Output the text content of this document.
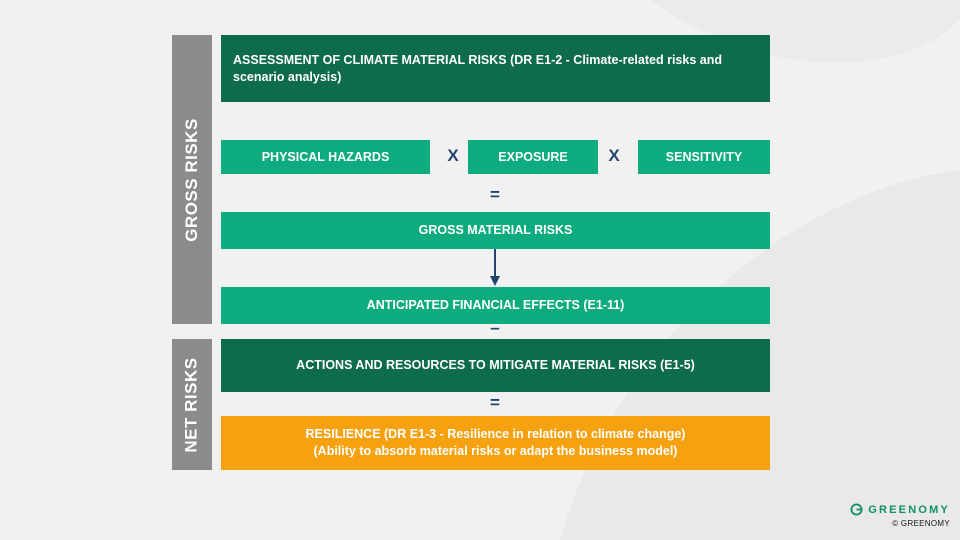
GROSS RISKS
NET RISKS
ASSESSMENT OF CLIMATE MATERIAL RISKS (DR E1-2 - Climate-related risks and scenario analysis)
PHYSICAL HAZARDS	X	EXPOSURE	X	SENSITIVITY
=
GROSS MATERIAL RISKS
ANTICIPATED FINANCIAL EFFECTS (E1-11)
–
ACTIONS AND RESOURCES TO MITIGATE MATERIAL RISKS (E1-5)
=
RESILIENCE (DR E1-3 - Resilience in relation to climate change)
(Ability to absorb material risks or adapt the business model)
GREENOMY
© GREENOMY
